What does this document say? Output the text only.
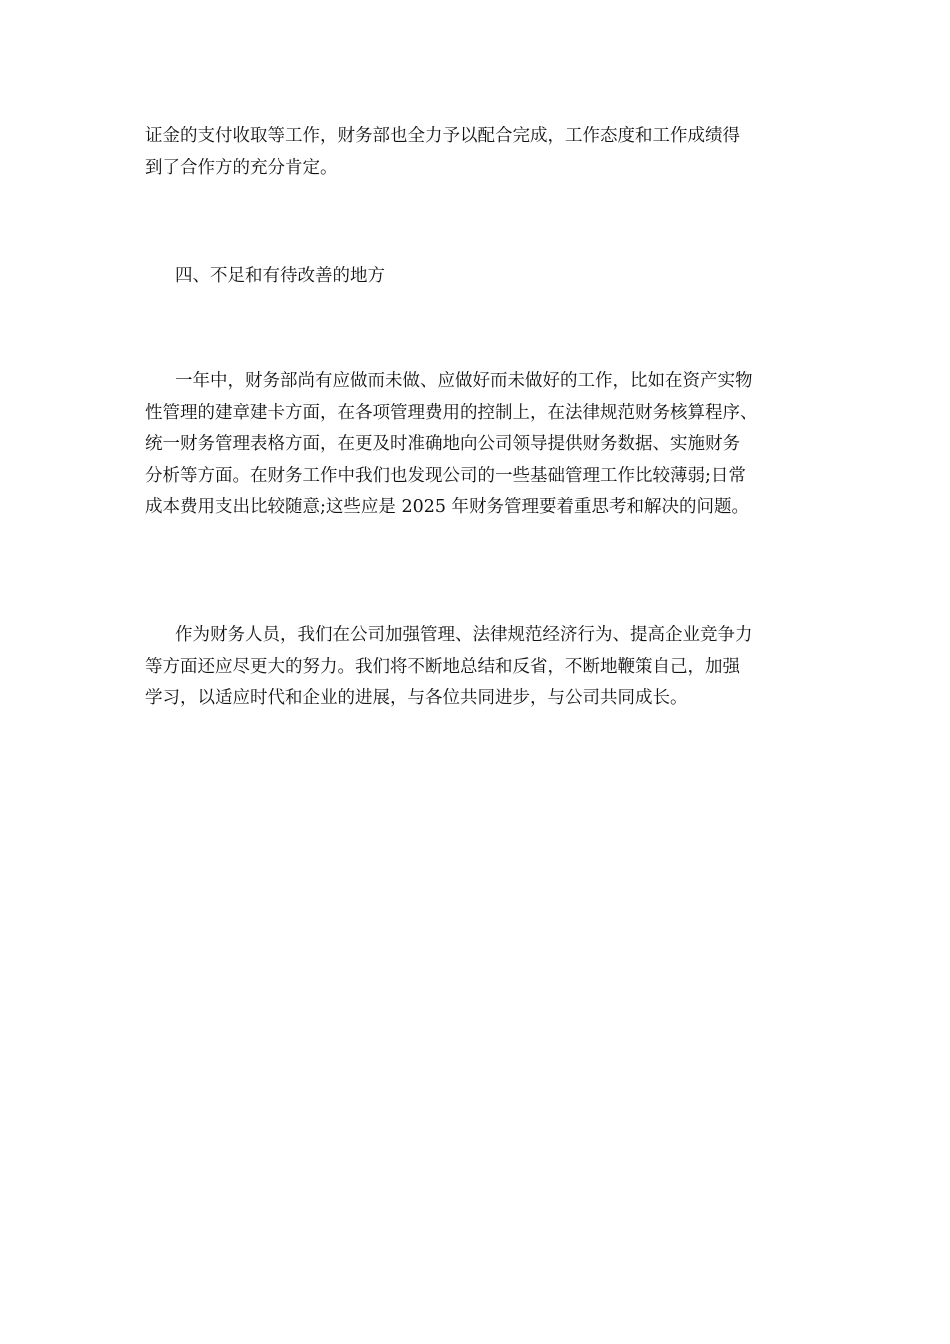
证金的支付收取等工作，财务部也全力予以配合完成，工作态度和工作成绩得
到了合作方的充分肯定。
四、不足和有待改善的地方
一年中，财务部尚有应做而未做、应做好而未做好的工作，比如在资产实物
性管理的建章建卡方面，在各项管理费用的控制上，在法律规范财务核算程序、
统一财务管理表格方面，在更及时准确地向公司领导提供财务数据、实施财务
分析等方面。在财务工作中我们也发现公司的一些基础管理工作比较薄弱;日常
成本费用支出比较随意;这些应是 2025 年财务管理要着重思考和解决的问题。
作为财务人员，我们在公司加强管理、法律规范经济行为、提高企业竞争力
等方面还应尽更大的努力。我们将不断地总结和反省，不断地鞭策自己，加强
学习，以适应时代和企业的进展，与各位共同进步，与公司共同成长。
